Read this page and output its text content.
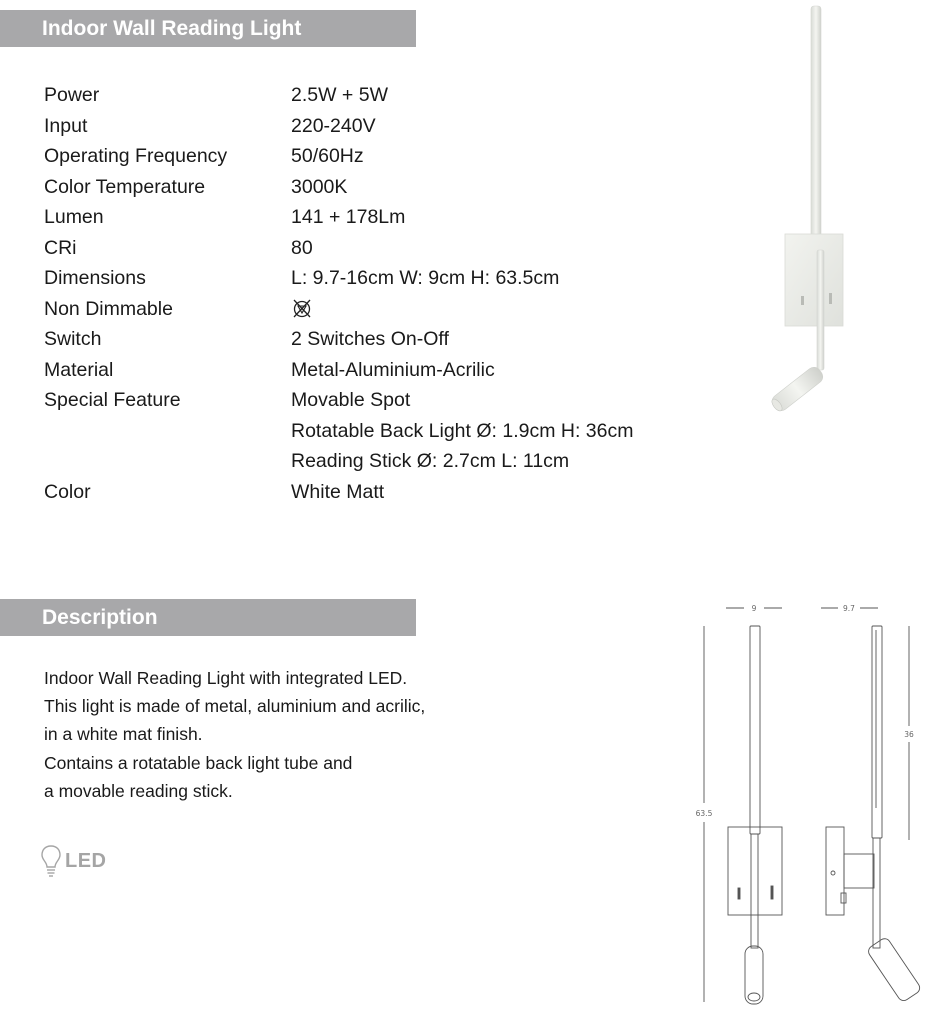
Indoor Wall Reading Light
Power	2.5W + 5W
Input	220-240V
Operating Frequency	50/60Hz
Color Temperature	3000K
Lumen	141 + 178Lm
CRi	80
Dimensions	L: 9.7-16cm W: 9cm H: 63.5cm
Non Dimmable
Switch	2 Switches On-Off
Material	Metal-Aluminium-Acrilic
Special Feature	Movable Spot
Rotatable Back Light Ø: 1.9cm H: 36cm
Reading Stick Ø: 2.7cm L: 11cm
Color	White Matt
Description
Indoor Wall Reading Light with integrated LED.
This light is made of metal, aluminium and acrilic,
in a white mat finish.
Contains a rotatable back light tube and
a movable reading stick.
LED
9	9.7
63.5
36
